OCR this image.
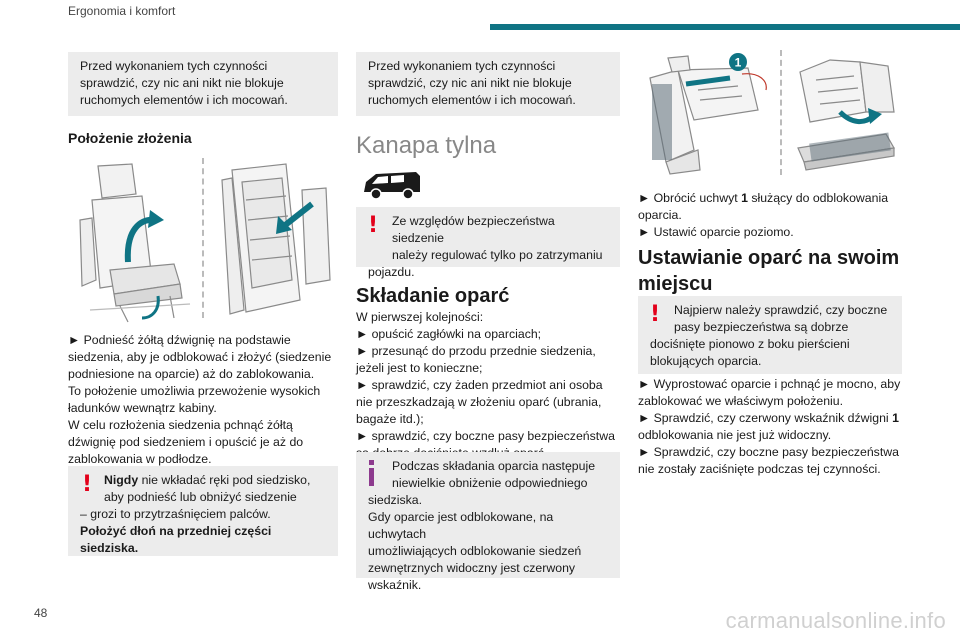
Ergonomia i komfort
Przed wykonaniem tych czynności sprawdzić, czy nic ani nikt nie blokuje ruchomych elementów i ich mocowań.
Położenie złożenia
► Podnieść żółtą dźwignię na podstawie
siedzenia, aby je odblokować i złożyć (siedzenie
podniesione na oparcie) aż do zablokowania.
To położenie umożliwia przewożenie wysokich
ładunków wewnątrz kabiny.
W celu rozłożenia siedzenia pchnąć żółtą
dźwignię pod siedzeniem i opuścić je aż do
zablokowania w podłodze.
! Nigdy nie wkładać ręki pod siedzisko,
aby podnieść lub obniżyć siedzenie
– grozi to przytrzaśnięciem palców.
Położyć dłoń na przedniej części
siedziska.
Przed wykonaniem tych czynności sprawdzić, czy nic ani nikt nie blokuje ruchomych elementów i ich mocowań.
Kanapa tylna
!	Ze względów bezpieczeństwa siedzenie
należy regulować tylko po zatrzymaniu
pojazdu.
Składanie oparć
W pierwszej kolejności:
► opuścić zagłówki na oparciach;
► przesunąć do przodu przednie siedzenia,
jeżeli jest to konieczne;
► sprawdzić, czy żaden przedmiot ani osoba
nie przeszkadzają w złożeniu oparć (ubrania,
bagaże itd.);
► sprawdzić, czy boczne pasy bezpieczeństwa
Podczas składania oparcia następuje
niewielkie obniżenie odpowiedniego
siedziska.
Gdy oparcie jest odblokowane, na uchwytach
umożliwiających odblokowanie siedzeń
zewnętrznych widoczny jest czerwony
wskaźnik.
1
► Obrócić uchwyt 1 służący do odblokowania
oparcia.
► Ustawić oparcie poziomo.
Ustawianie oparć na swoim
miejscu
!	Najpierw należy sprawdzić, czy boczne
pasy bezpieczeństwa są dobrze
dociśnięte pionowo z boku pierścieni
blokujących oparcia.
► Wyprostować oparcie i pchnąć je mocno, aby
zablokować we właściwym położeniu.
► Sprawdzić, czy czerwony wskaźnik dźwigni 1
odblokowania nie jest już widoczny.
► Sprawdzić, czy boczne pasy bezpieczeństwa
nie zostały zaciśnięte podczas tej czynności.
48	carmanualsonline.info
